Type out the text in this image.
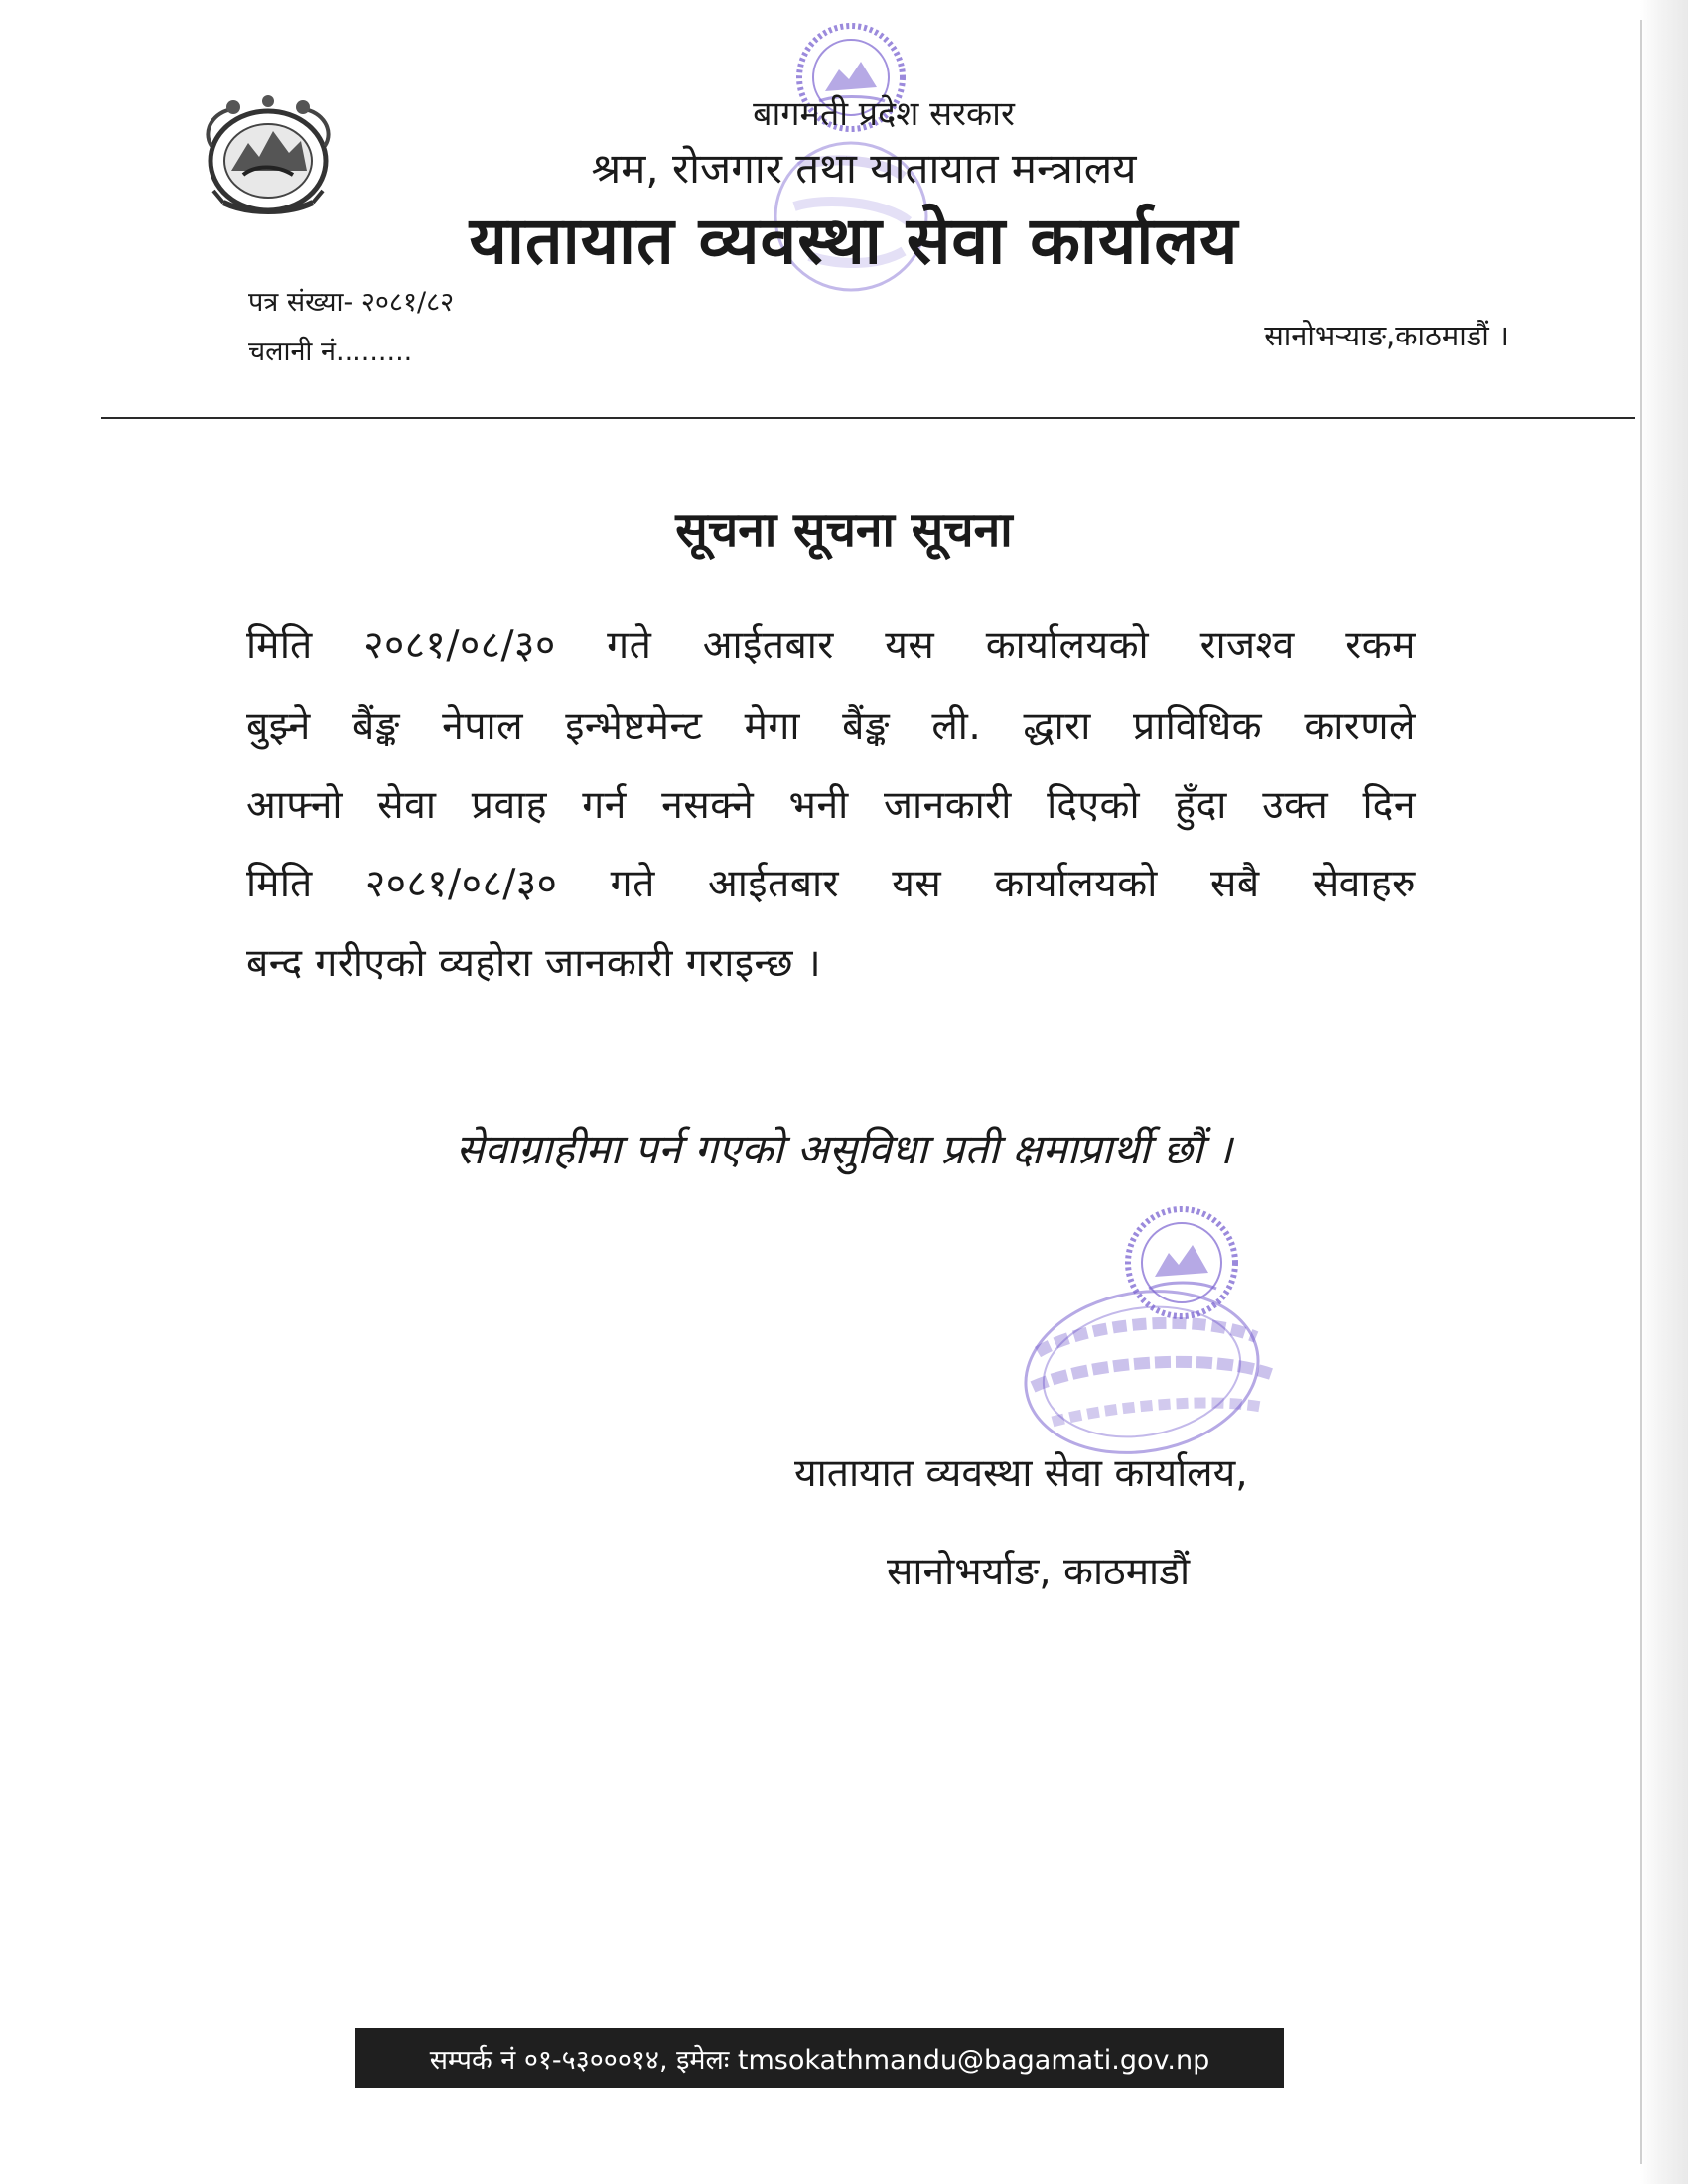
बागमती प्रदेश सरकार
श्रम, रोजगार तथा यातायात मन्त्रालय
यातायात व्यवस्था सेवा कार्यालय
पत्र संख्या- २०८१/८२
चलानी नं.........	सानोभऱ्याङ,काठमाडौं ।
सूचना सूचना सूचना
मिति २०८१/०८/३० गते आईतबार यस कार्यालयको राजश्व रकम
बुझ्ने बैंङ्क नेपाल इन्भेष्टमेन्ट मेगा बैंङ्क ली. द्धारा प्राविधिक कारणले
आफ्नो सेवा प्रवाह गर्न नसक्ने भनी जानकारी दिएको हुँदा उक्त दिन
मिति २०८१/०८/३० गते आईतबार यस कार्यालयको सबै सेवाहरु
बन्द गरीएको व्यहोरा जानकारी गराइन्छ ।
सेवाग्राहीमा पर्न गएको असुविधा प्रती क्षमाप्रार्थी छौं ।
यातायात व्यवस्था सेवा कार्यालय,
सानोभर्याङ, काठमाडौं
सम्पर्क नं ०१-५३०००१४, इमेलः tmsokathmandu@bagamati.gov.np
